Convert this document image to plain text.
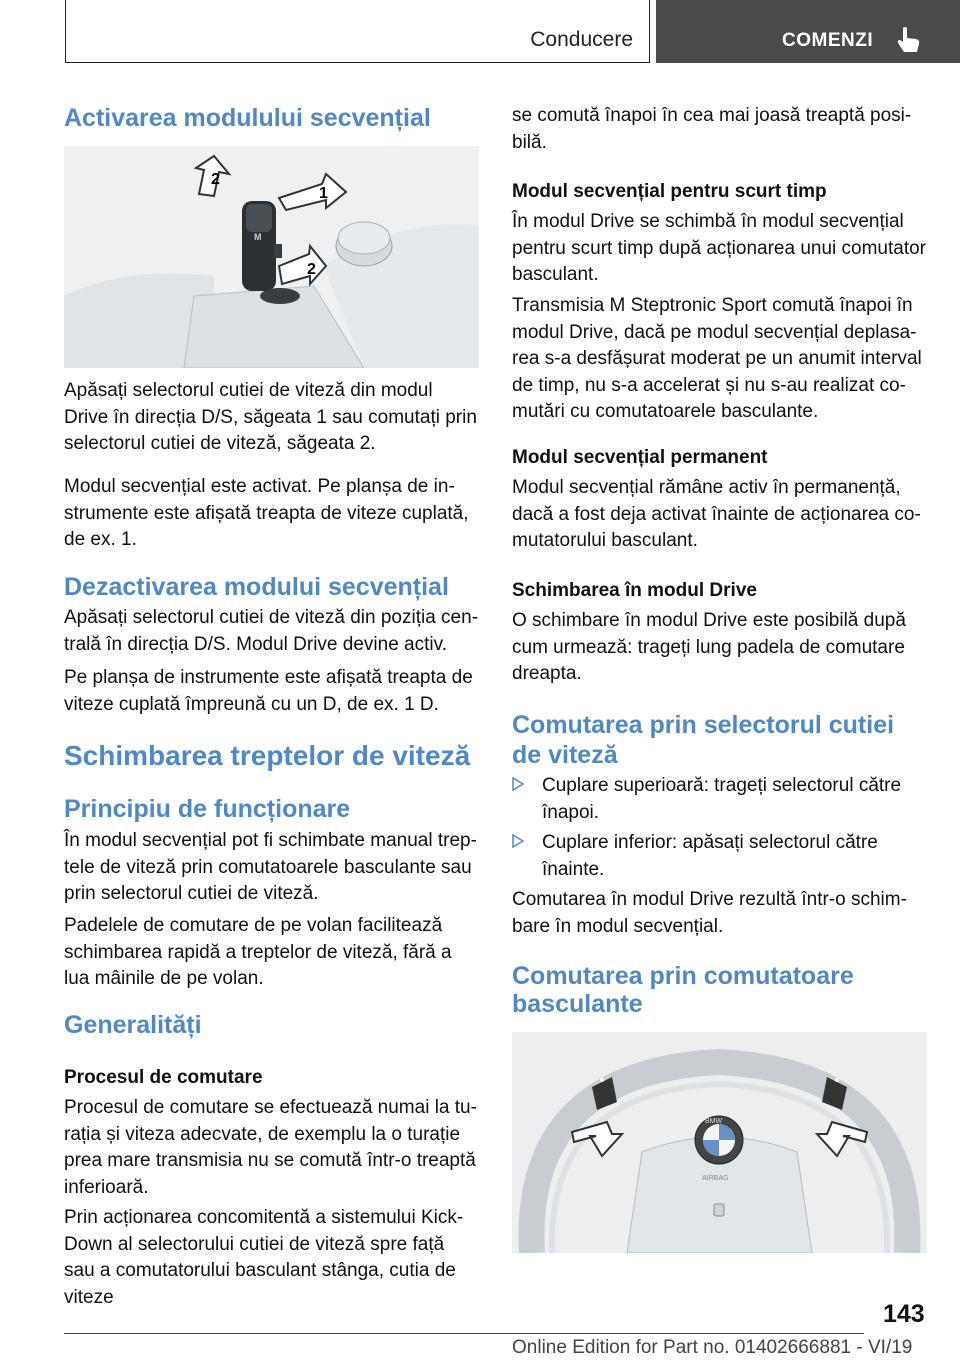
Conducere	COMENZI
Activarea modulului secvențial
2
1
2
M

Apăsați selectorul cutiei de viteză din modul Drive în direcția D/S, săgeata 1 sau comutați prin selectorul cutiei de viteză, săgeata 2.

Modul secvențial este activat. Pe planșa de instrumente este afișată treapta de viteze cuplată, de ex. 1.

Dezactivarea modului secvențial

Apăsați selectorul cutiei de viteză din poziția centrală în direcția D/S. Modul Drive devine activ.

Pe planșa de instrumente este afișată treapta de viteze cuplată împreună cu un D, de ex. 1 D.

Schimbarea treptelor de viteză
Principiu de funcționare

În modul secvențial pot fi schimbate manual treptele de viteză prin comutatoarele basculante sau prin selectorul cutiei de viteză.

Padelele de comutare de pe volan facilitează schimbarea rapidă a treptelor de viteză, fără a lua mâinile de pe volan.

Generalități
Procesul de comutare

Procesul de comutare se efectuează numai la turația și viteza adecvate, de exemplu la o turație prea mare transmisia nu se comută într-o treaptă inferioară.

Prin acționarea concomitentă a sistemului Kick-Down al selectorului cutiei de viteză spre față sau a comutatorului basculant stânga, cutia de viteze

se comută înapoi în cea mai joasă treaptă posibilă.

Modul secvențial pentru scurt timp

În modul Drive se schimbă în modul secvențial pentru scurt timp după acționarea unui comutator basculant.

Transmisia M Steptronic Sport comută înapoi în modul Drive, dacă pe modul secvențial deplasarea s-a desfășurat moderat pe un anumit interval de timp, nu s-a accelerat și nu s-au realizat comutări cu comutatoarele basculante.

Modul secvențial permanent

Modul secvențial rămâne activ în permanență, dacă a fost deja activat înainte de acționarea comutatorului basculant.

Schimbarea în modul Drive

O schimbare în modul Drive este posibilă după cum urmează: trageți lung padela de comutare dreapta.

Comutarea prin selectorul cutiei de viteză
Cuplare superioară: trageți selectorul către înapoi.
Cuplare inferior: apăsați selectorul către înainte.

Comutarea în modul Drive rezultă într-o schimbare în modul secvențial.

Comutarea prin comutatoare basculante
BMW
AIRBAG
143
Online Edition for Part no. 01402666881 - VI/19
